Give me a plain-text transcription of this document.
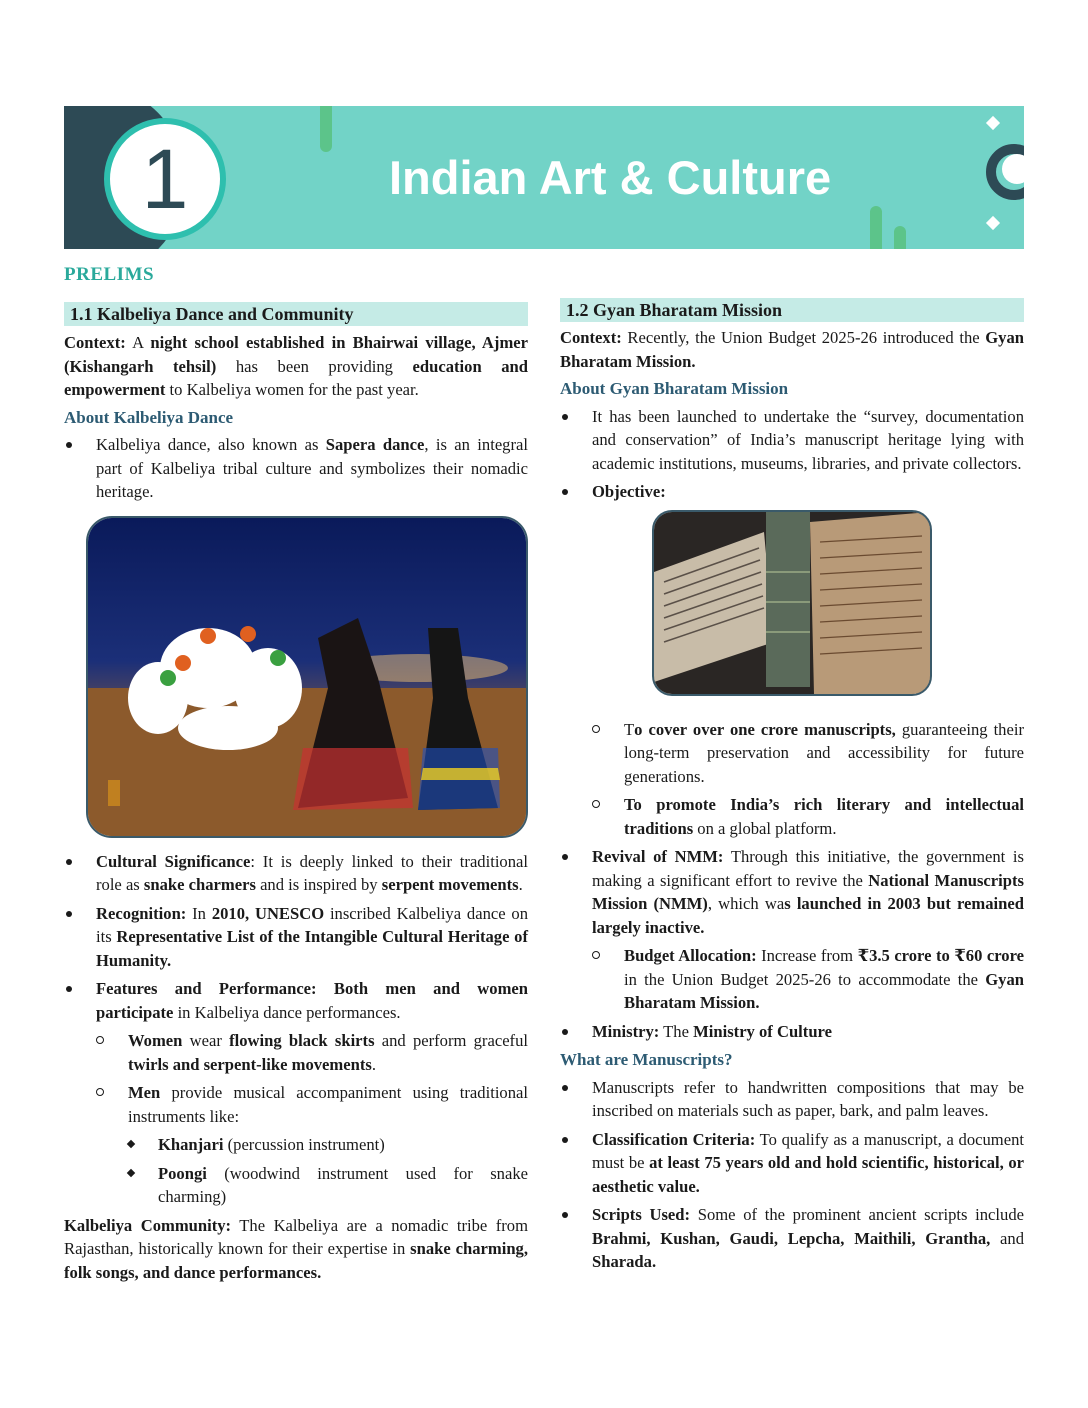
1	Indian Art & Culture
PRELIMS
1.1 Kalbeliya Dance and Community

Context: A night school established in Bhairwai village, Ajmer (Kishangarh tehsil) has been providing education and empowerment to Kalbeliya women for the past year.

About Kalbeliya Dance
Kalbeliya dance, also known as Sapera dance, is an integral part of Kalbeliya tribal culture and symbolizes their nomadic heritage.
Cultural Significance: It is deeply linked to their traditional role as snake charmers and is inspired by serpent movements.
Recognition: In 2010, UNESCO inscribed Kalbeliya dance on its Representative List of the Intangible Cultural Heritage of Humanity.
Features and Performance: Both men and women participate in Kalbeliya dance performances.
Women wear flowing black skirts and perform graceful twirls and serpent-like movements.
Men provide musical accompaniment using traditional instruments like:
Khanjari (percussion instrument)
Poongi (woodwind instrument used for snake charming)

Kalbeliya Community: The Kalbeliya are a nomadic tribe from Rajasthan, historically known for their expertise in snake charming, folk songs, and dance performances.

1.2 Gyan Bharatam Mission

Context: Recently, the Union Budget 2025-26 introduced the Gyan Bharatam Mission.

About Gyan Bharatam Mission
It has been launched to undertake the “survey, documentation and conservation” of India’s manuscript heritage lying with academic institutions, museums, libraries, and private collectors.
Objective:
To cover over one crore manuscripts, guaranteeing their long-term preservation and accessibility for future generations.
To promote India’s rich literary and intellectual traditions on a global platform.
Revival of NMM: Through this initiative, the government is making a significant effort to revive the National Manuscripts Mission (NMM), which was launched in 2003 but remained largely inactive.
Budget Allocation: Increase from ₹3.5 crore to ₹60 crore in the Union Budget 2025-26 to accommodate the Gyan Bharatam Mission.
Ministry: The Ministry of Culture
What are Manuscripts?
Manuscripts refer to handwritten compositions that may be inscribed on materials such as paper, bark, and palm leaves.
Classification Criteria: To qualify as a manuscript, a document must be at least 75 years old and hold scientific, historical, or aesthetic value.
Scripts Used: Some of the prominent ancient scripts include Brahmi, Kushan, Gaudi, Lepcha, Maithili, Grantha, and Sharada.
